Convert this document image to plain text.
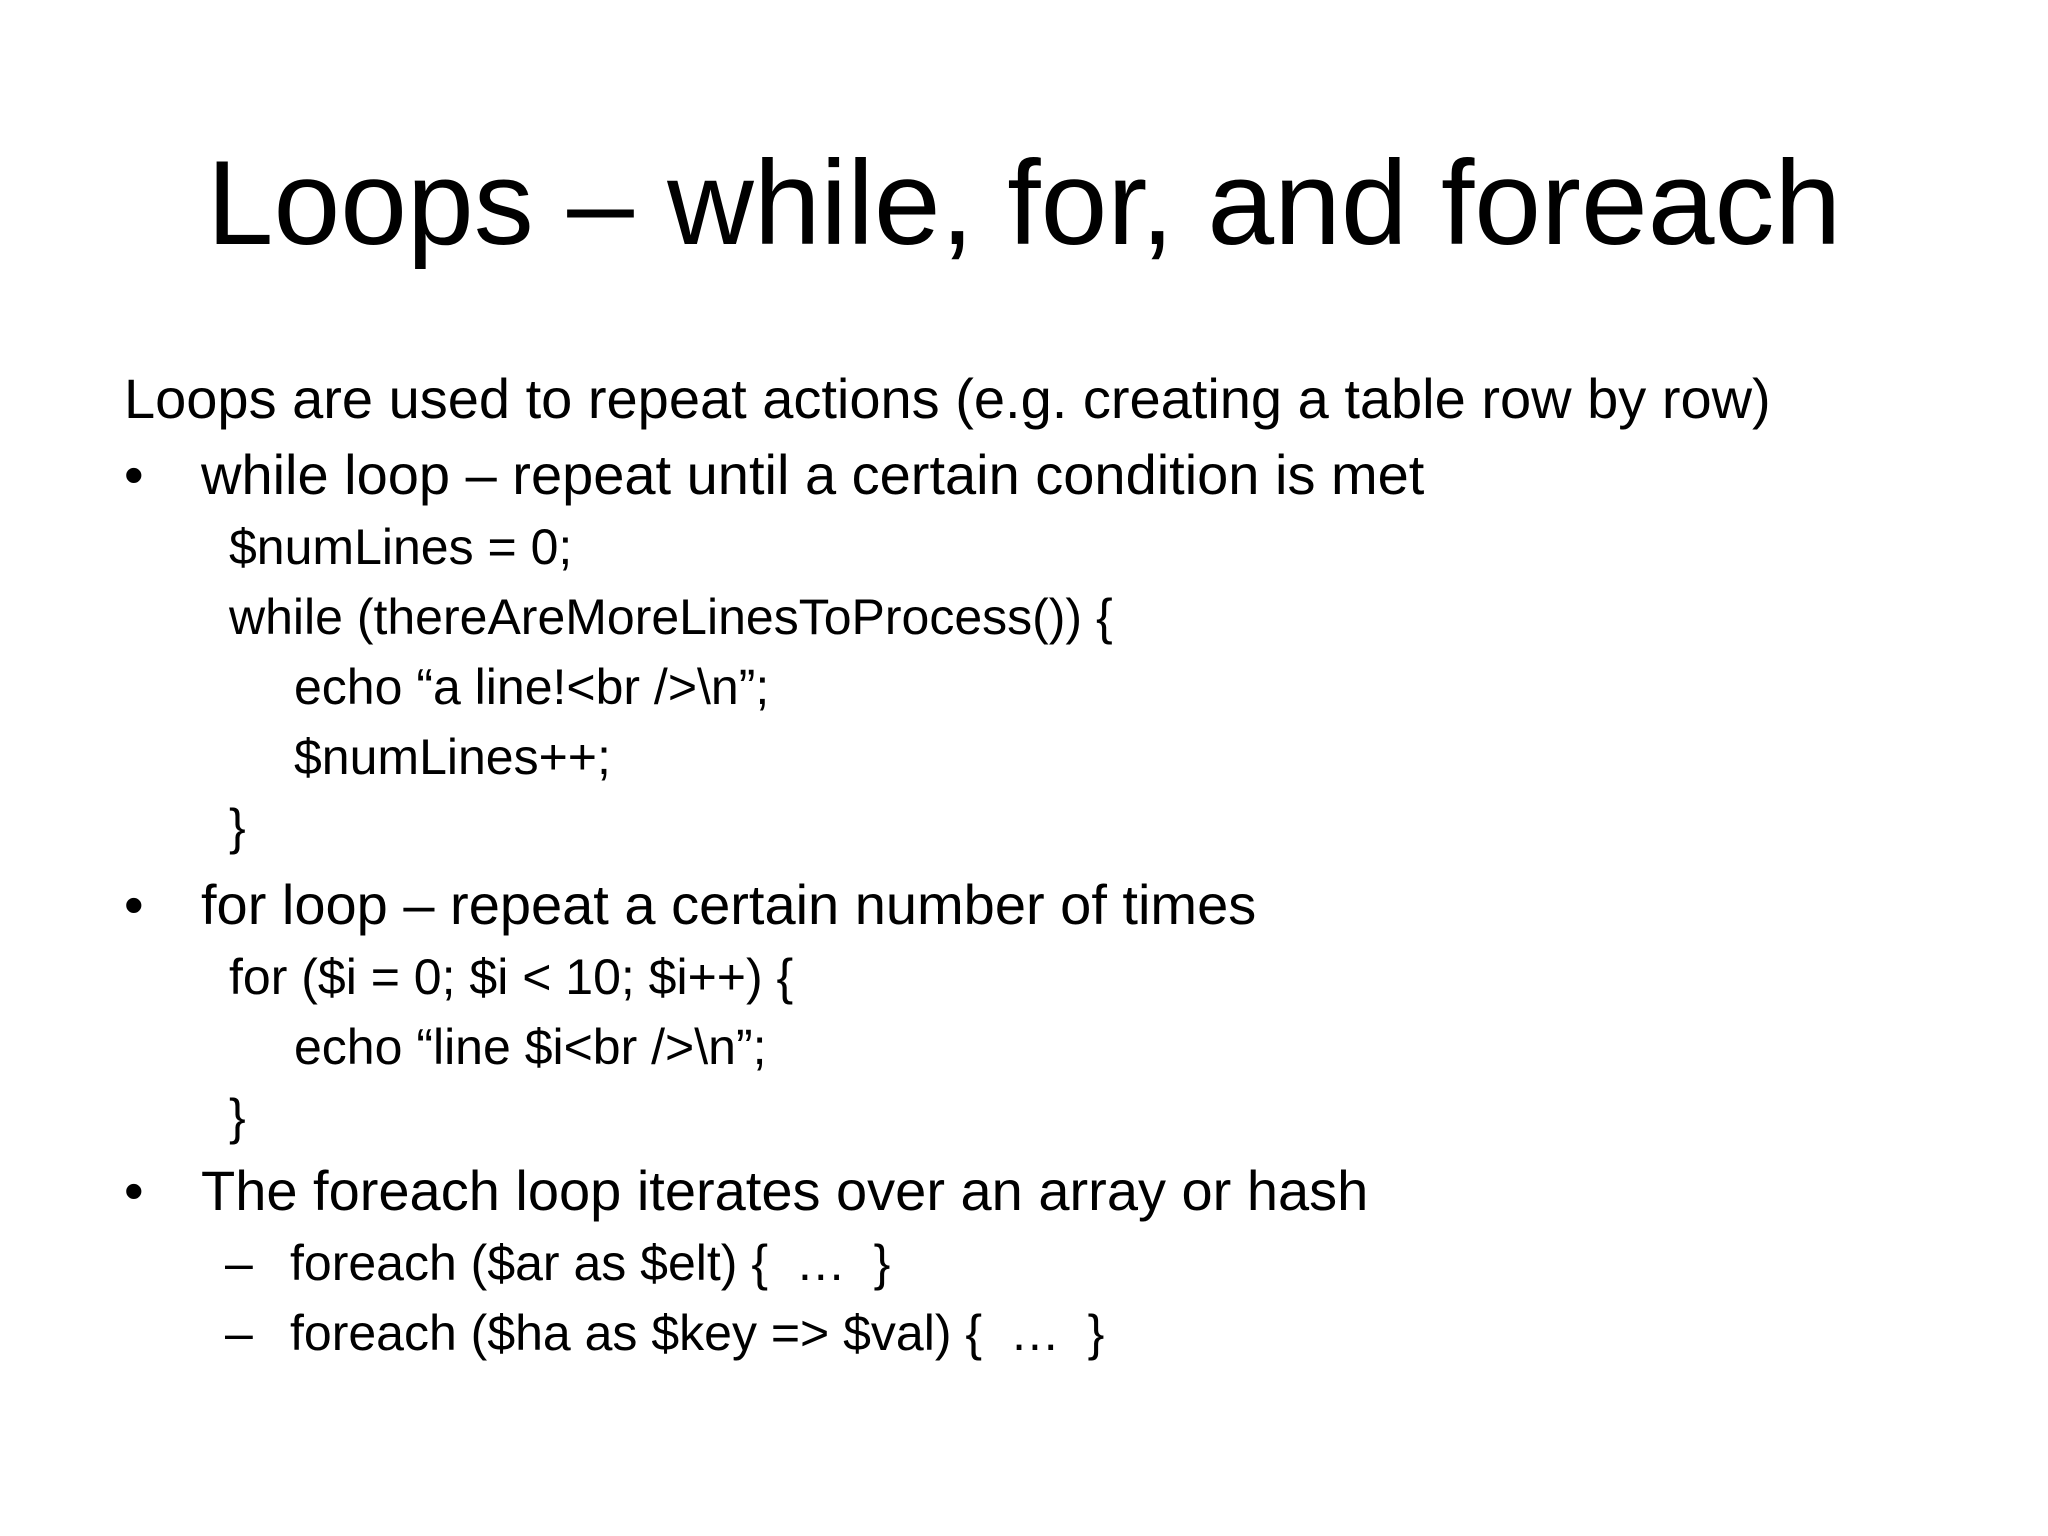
Loops – while, for, and foreach
Loops are used to repeat actions (e.g. creating a table row by row)
•	while loop – repeat until a certain condition is met
$numLines = 0;
while (thereAreMoreLinesToProcess()) {
echo “a line!<br />\n”;
$numLines++;
}
•	for loop – repeat a certain number of times
for ($i = 0; $i < 10; $i++) {
echo “line $i<br />\n”;
}
•	The foreach loop iterates over an array or hash
– foreach ($ar as $elt) {  …  }
– foreach ($ha as $key => $val) {  …  }
